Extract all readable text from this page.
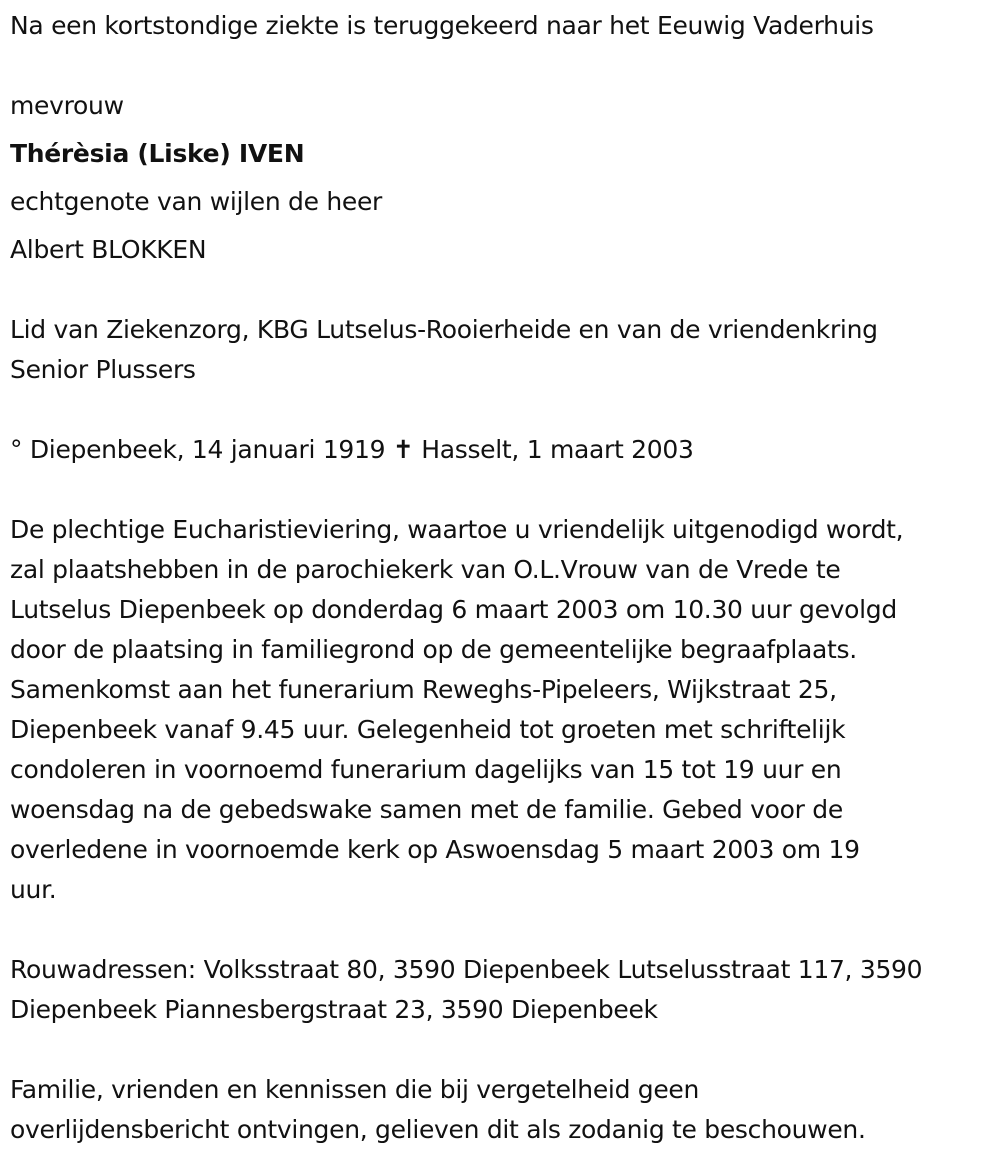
Na een kortstondige ziekte is teruggekeerd naar het Eeuwig Vaderhuis
mevrouw
Thérèsia (Liske) IVEN
echtgenote van wijlen de heer
Albert BLOKKEN
Lid van Ziekenzorg, KBG Lutselus-Rooierheide en van de vriendenkring
Senior Plussers
° Diepenbeek, 14 januari 1919 ✝ Hasselt, 1 maart 2003
De plechtige Eucharistieviering, waartoe u vriendelijk uitgenodigd wordt,
zal plaatshebben in de parochiekerk van O.L.Vrouw van de Vrede te
Lutselus Diepenbeek op donderdag 6 maart 2003 om 10.30 uur gevolgd
door de plaatsing in familiegrond op de gemeentelijke begraafplaats.
Samenkomst aan het funerarium Reweghs-Pipeleers, Wijkstraat 25,
Diepenbeek vanaf 9.45 uur. Gelegenheid tot groeten met schriftelijk
condoleren in voornoemd funerarium dagelijks van 15 tot 19 uur en
woensdag na de gebedswake samen met de familie. Gebed voor de
overledene in voornoemde kerk op Aswoensdag 5 maart 2003 om 19
uur.
Rouwadressen: Volksstraat 80, 3590 Diepenbeek Lutselusstraat 117, 3590
Diepenbeek Piannesbergstraat 23, 3590 Diepenbeek
Familie, vrienden en kennissen die bij vergetelheid geen
overlijdensbericht ontvingen, gelieven dit als zodanig te beschouwen.
